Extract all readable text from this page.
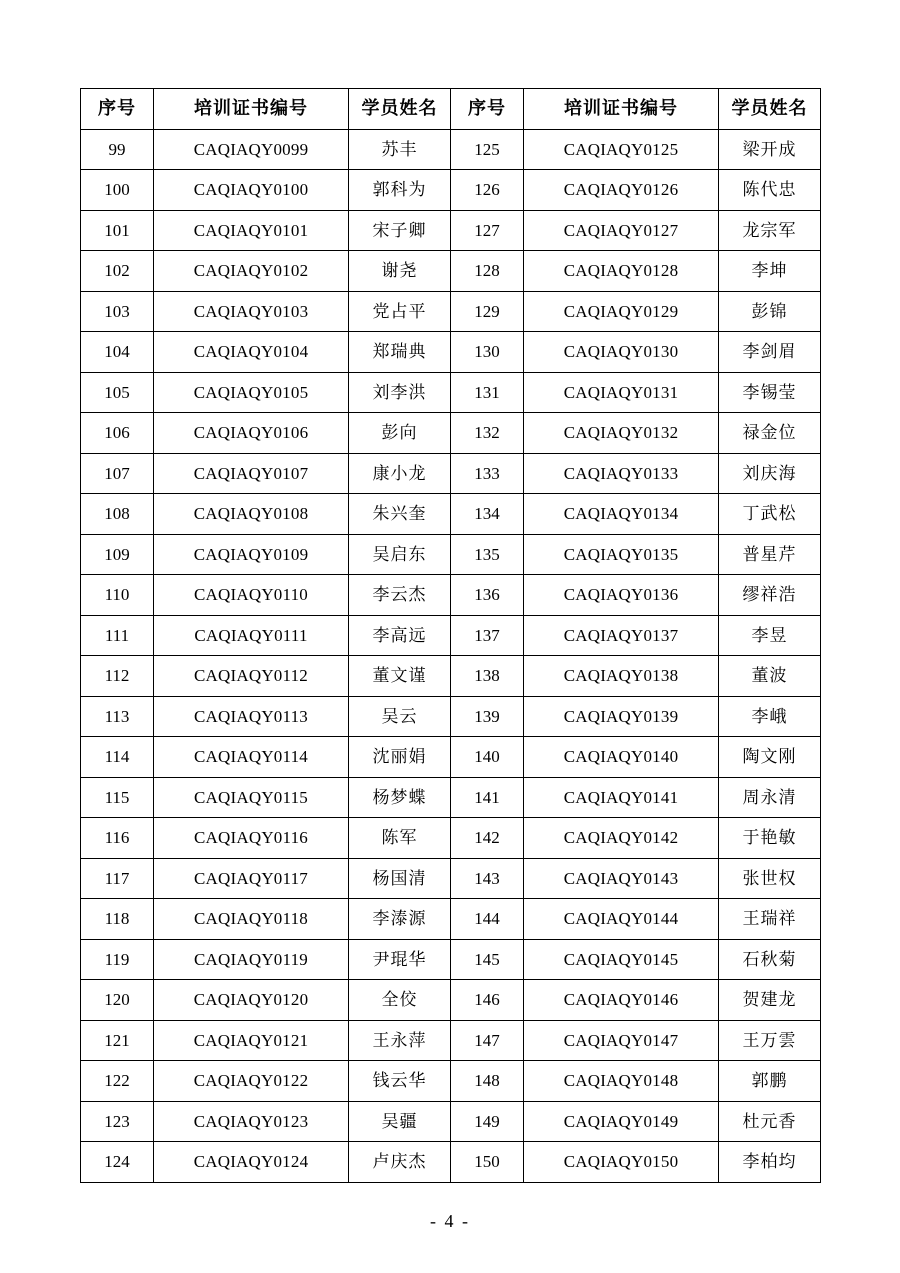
序号	培训证书编号	学员姓名	序号	培训证书编号	学员姓名
99	CAQIAQY0099	苏丰	125	CAQIAQY0125	梁开成
100	CAQIAQY0100	郭科为	126	CAQIAQY0126	陈代忠
101	CAQIAQY0101	宋子卿	127	CAQIAQY0127	龙宗军
102	CAQIAQY0102	谢尧	128	CAQIAQY0128	李坤
103	CAQIAQY0103	党占平	129	CAQIAQY0129	彭锦
104	CAQIAQY0104	郑瑞典	130	CAQIAQY0130	李剑眉
105	CAQIAQY0105	刘李洪	131	CAQIAQY0131	李锡莹
106	CAQIAQY0106	彭向	132	CAQIAQY0132	禄金位
107	CAQIAQY0107	康小龙	133	CAQIAQY0133	刘庆海
108	CAQIAQY0108	朱兴奎	134	CAQIAQY0134	丁武松
109	CAQIAQY0109	吴启东	135	CAQIAQY0135	普星芹
110	CAQIAQY0110	李云杰	136	CAQIAQY0136	缪祥浩
111	CAQIAQY0111	李高远	137	CAQIAQY0137	李昱
112	CAQIAQY0112	董文谨	138	CAQIAQY0138	董波
113	CAQIAQY0113	吴云	139	CAQIAQY0139	李峨
114	CAQIAQY0114	沈丽娟	140	CAQIAQY0140	陶文刚
115	CAQIAQY0115	杨梦蝶	141	CAQIAQY0141	周永清
116	CAQIAQY0116	陈军	142	CAQIAQY0142	于艳敏
117	CAQIAQY0117	杨国清	143	CAQIAQY0143	张世权
118	CAQIAQY0118	李溙源	144	CAQIAQY0144	王瑞祥
119	CAQIAQY0119	尹琨华	145	CAQIAQY0145	石秋菊
120	CAQIAQY0120	全佼	146	CAQIAQY0146	贺建龙
121	CAQIAQY0121	王永萍	147	CAQIAQY0147	王万雲
122	CAQIAQY0122	钱云华	148	CAQIAQY0148	郭鹏
123	CAQIAQY0123	吴疆	149	CAQIAQY0149	杜元香
124	CAQIAQY0124	卢庆杰	150	CAQIAQY0150	李柏均
- 4 -
